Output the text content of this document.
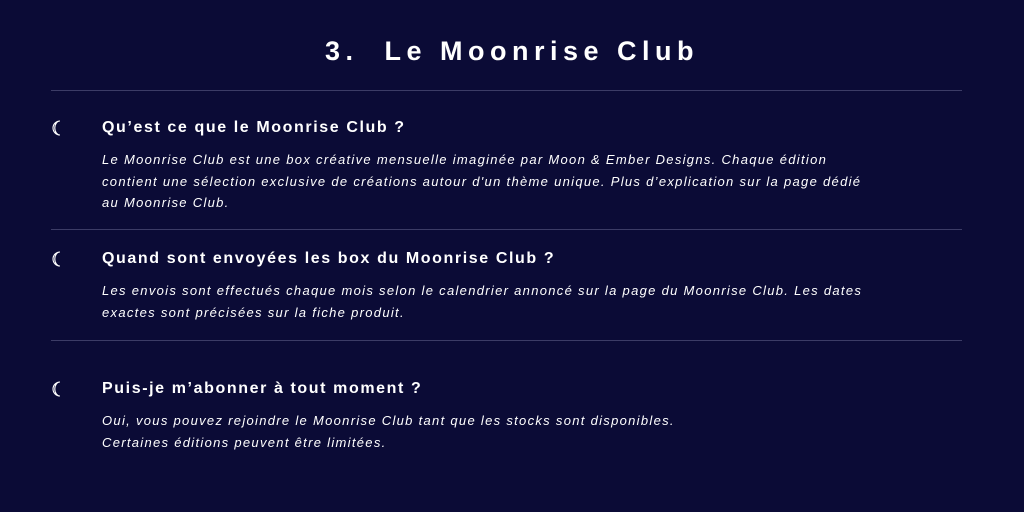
3.  Le Moonrise Club
Qu’est ce que le Moonrise Club ?

Le Moonrise Club est une box créative mensuelle imaginée par Moon & Ember Designs. Chaque édition
contient une sélection exclusive de créations autour d'un thème unique. Plus d’explication sur la page dédié
au Moonrise Club.

Quand sont envoyées les box du Moonrise Club ?

Les envois sont effectués chaque mois selon le calendrier annoncé sur la page du Moonrise Club. Les dates
exactes sont précisées sur la fiche produit.

Puis-je m’abonner à tout moment ?

Oui, vous pouvez rejoindre le Moonrise Club tant que les stocks sont disponibles.
Certaines éditions peuvent être limitées.
